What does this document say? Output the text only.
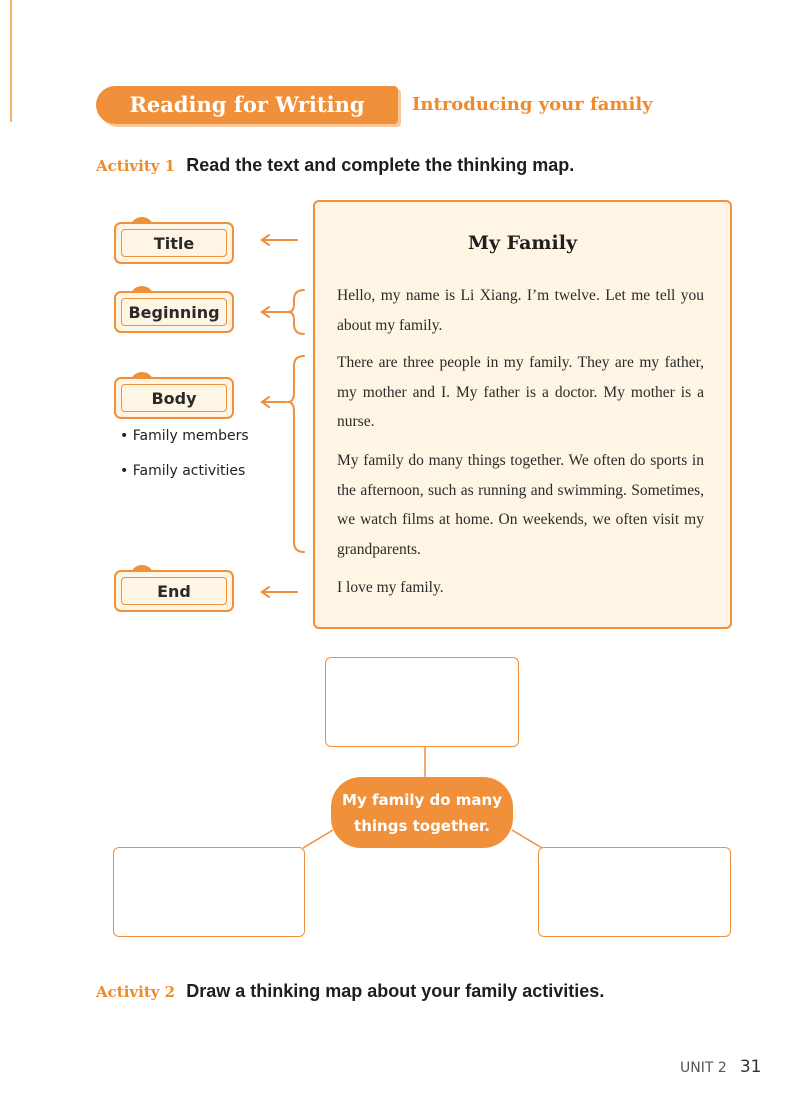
Reading for Writing	Introducing your family
Activity 1 Read the text and complete the thinking map.
Title
Beginning
Body
End
• Family members
• Family activities
My Family
Hello, my name is Li Xiang. I’m twelve. Let me tell you about my family.
There are three people in my family. They are my father, my mother and I. My father is a doctor. My mother is a nurse.
My family do many things together. We often do sports in the afternoon, such as running and swimming. Sometimes, we watch films at home. On weekends, we often visit my grandparents.
I love my family.
My family do many
things together.
Activity 2 Draw a thinking map about your family activities.
UNIT 2 31
